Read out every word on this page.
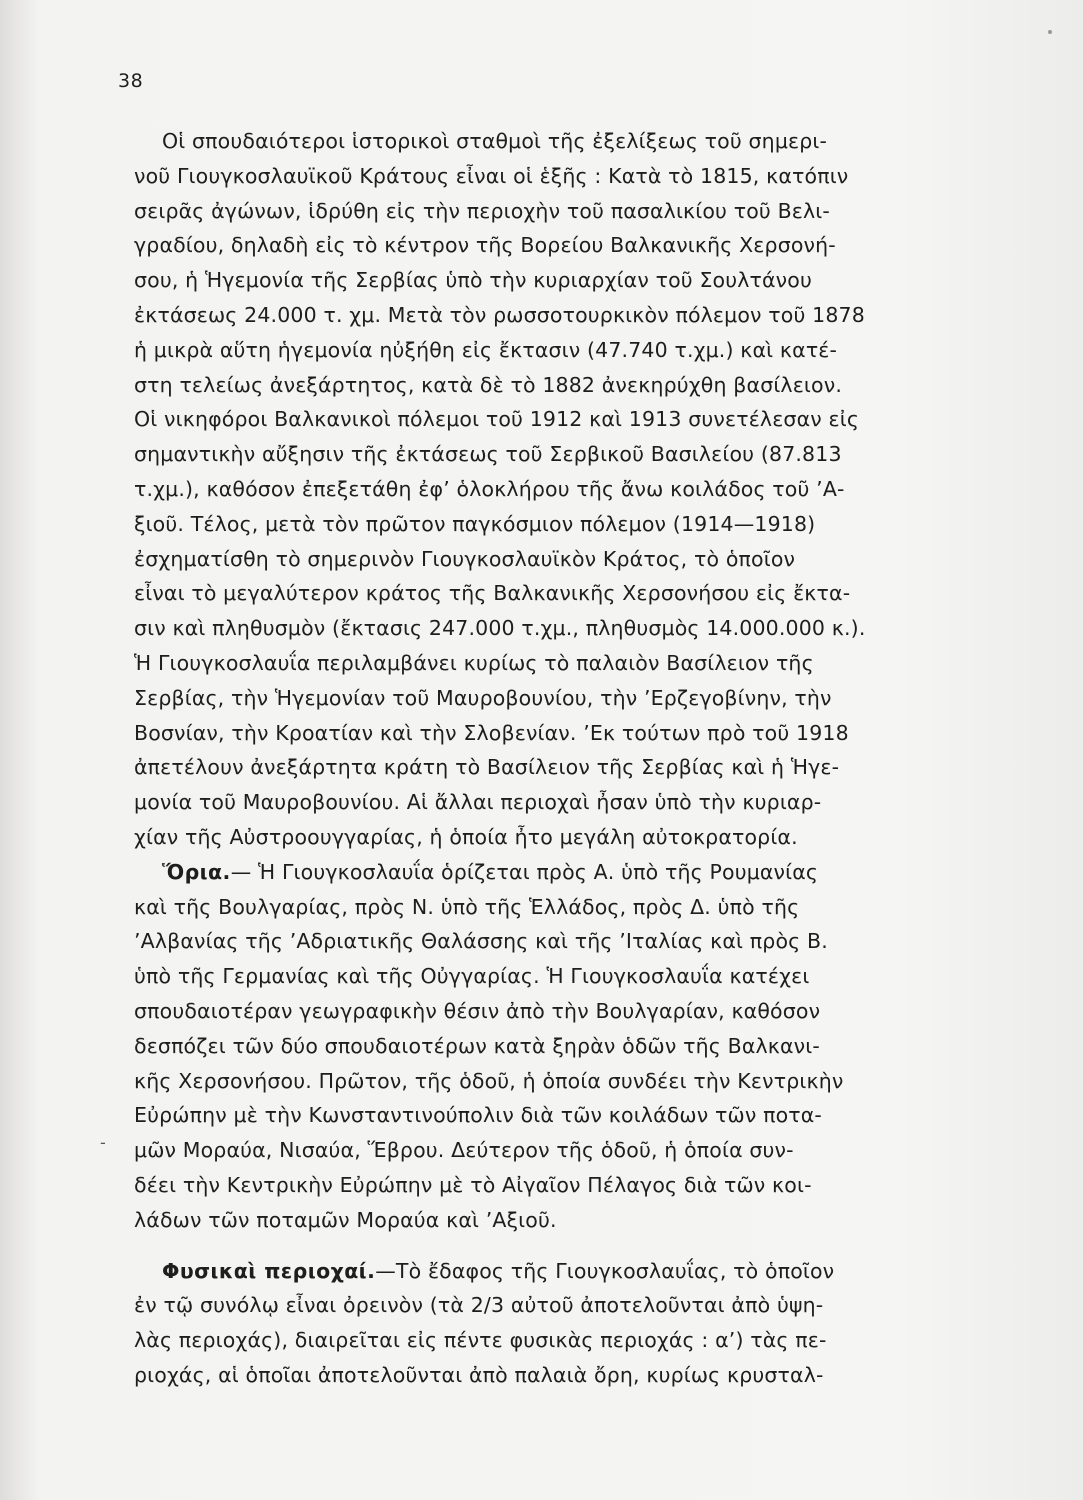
38
-
Οἱ σπουδαιότεροι ἱστορικοὶ σταθμοὶ τῆς ἐξελίξεως τοῦ σημερι-
νοῦ Γιουγκοσλαυϊκοῦ Κράτους εἶναι οἱ ἑξῆς : Κατὰ τὸ 1815, κατόπιν
σειρᾶς ἀγώνων, ἱδρύθη εἰς τὴν περιοχὴν τοῦ πασαλικίου τοῦ Βελι-
γραδίου, δηλαδὴ εἰς τὸ κέντρον τῆς Βορείου Βαλκανικῆς Χερσονή-
σου, ἡ Ἡγεμονία τῆς Σερβίας ὑπὸ τὴν κυριαρχίαν τοῦ Σουλτάνου
ἐκτάσεως 24.000 τ. χμ. Μετὰ τὸν ρωσσοτουρκικὸν πόλεμον τοῦ 1878
ἡ μικρὰ αὕτη ἡγεμονία ηὐξήθη εἰς ἔκτασιν (47.740 τ.χμ.) καὶ κατέ-
στη τελείως ἀνεξάρτητος, κατὰ δὲ τὸ 1882 ἀνεκηρύχθη βασίλειον.
Οἱ νικηφόροι Βαλκανικοὶ πόλεμοι τοῦ 1912 καὶ 1913 συνετέλεσαν εἰς
σημαντικὴν αὔξησιν τῆς ἐκτάσεως τοῦ Σερβικοῦ Βασιλείου (87.813
τ.χμ.), καθόσον ἐπεξετάθη ἐφ’ ὁλοκλήρου τῆς ἄνω κοιλάδος τοῦ ’Α-
ξιοῦ. Τέλος, μετὰ τὸν πρῶτον παγκόσμιον πόλεμον (1914—1918)
ἐσχηματίσθη τὸ σημερινὸν Γιουγκοσλαυϊκὸν Κράτος, τὸ ὁποῖον
εἶναι τὸ μεγαλύτερον κράτος τῆς Βαλκανικῆς Χερσονήσου εἰς ἔκτα-
σιν καὶ πληθυσμὸν (ἔκτασις 247.000 τ.χμ., πληθυσμὸς 14.000.000 κ.).
Ἡ Γιουγκοσλαυΐα περιλαμβάνει κυρίως τὸ παλαιὸν Βασίλειον τῆς
Σερβίας, τὴν Ἡγεμονίαν τοῦ Μαυροβουνίου, τὴν ’Ερζεγοβίνην, τὴν
Βοσνίαν, τὴν Κροατίαν καὶ τὴν Σλοβενίαν. ’Εκ τούτων πρὸ τοῦ 1918
ἀπετέλουν ἀνεξάρτητα κράτη τὸ Βασίλειον τῆς Σερβίας καὶ ἡ Ἡγε-
μονία τοῦ Μαυροβουνίου. Αἱ ἄλλαι περιοχαὶ ἦσαν ὑπὸ τὴν κυριαρ-
χίαν τῆς Αὐστροουγγαρίας, ἡ ὁποία ἦτο μεγάλη αὐτοκρατορία.
Ὅρια.— Ἡ Γιουγκοσλαυΐα ὁρίζεται πρὸς Α. ὑπὸ τῆς Ρουμανίας
καὶ τῆς Βουλγαρίας, πρὸς Ν. ὑπὸ τῆς Ἑλλάδος, πρὸς Δ. ὑπὸ τῆς
’Αλβανίας τῆς ’Αδριατικῆς Θαλάσσης καὶ τῆς ’Ιταλίας καὶ πρὸς Β.
ὑπὸ τῆς Γερμανίας καὶ τῆς Οὐγγαρίας. Ἡ Γιουγκοσλαυΐα κατέχει
σπουδαιοτέραν γεωγραφικὴν θέσιν ἀπὸ τὴν Βουλγαρίαν, καθόσον
δεσπόζει τῶν δύο σπουδαιοτέρων κατὰ ξηρὰν ὁδῶν τῆς Βαλκανι-
κῆς Χερσονήσου. Πρῶτον, τῆς ὁδοῦ, ἡ ὁποία συνδέει τὴν Κεντρικὴν
Εὐρώπην μὲ τὴν Κωνσταντινούπολιν διὰ τῶν κοιλάδων τῶν ποτα-
μῶν Μοραύα, Νισαύα, Ἕβρου. Δεύτερον τῆς ὁδοῦ, ἡ ὁποία συν-
δέει τὴν Κεντρικὴν Εὐρώπην μὲ τὸ Αἰγαῖον Πέλαγος διὰ τῶν κοι-
λάδων τῶν ποταμῶν Μοραύα καὶ ’Αξιοῦ.
Φυσικαὶ περιοχαί.—Τὸ ἔδαφος τῆς Γιουγκοσλαυΐας, τὸ ὁποῖον
ἐν τῷ συνόλῳ εἶναι ὀρεινὸν (τὰ 2/3 αὐτοῦ ἀποτελοῦνται ἀπὸ ὑψη-
λὰς περιοχάς), διαιρεῖται εἰς πέντε φυσικὰς περιοχάς : α’) τὰς πε-
ριοχάς, αἱ ὁποῖαι ἀποτελοῦνται ἀπὸ παλαιὰ ὄρη, κυρίως κρυσταλ-
